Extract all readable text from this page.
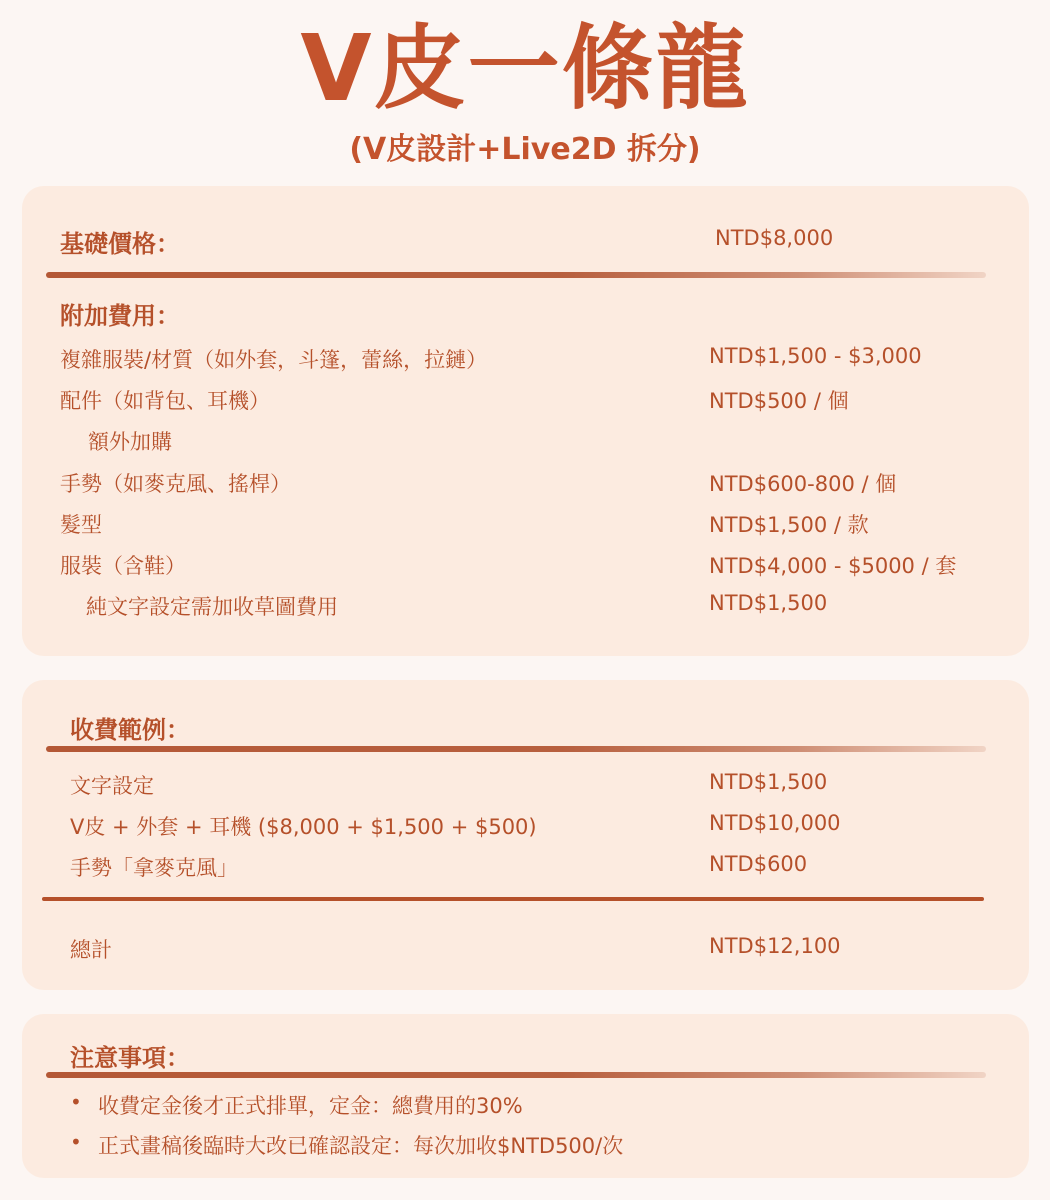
V皮一條龍
(V皮設計+Live2D 拆分)
基礎價格：	NTD$8,000
附加費用：
複雜服裝/材質（如外套，斗篷，蕾絲，拉鏈）	NTD$1,500 - $3,000
配件（如背包、耳機）	NTD$500 / 個
額外加購
手勢（如麥克風、搖桿）	NTD$600-800 / 個
髮型	NTD$1,500 / 款
服裝（含鞋）	NTD$4,000 - $5000 / 套
純文字設定需加收草圖費用	NTD$1,500
收費範例：
文字設定	NTD$1,500
V皮 + 外套 + 耳機 ($8,000 + $1,500 + $500)	NTD$10,000
手勢「拿麥克風」	NTD$600
總計	NTD$12,100
注意事項：
• 收費定金後才正式排單，定金：總費用的30%
• 正式畫稿後臨時大改已確認設定：每次加收$NTD500/次
